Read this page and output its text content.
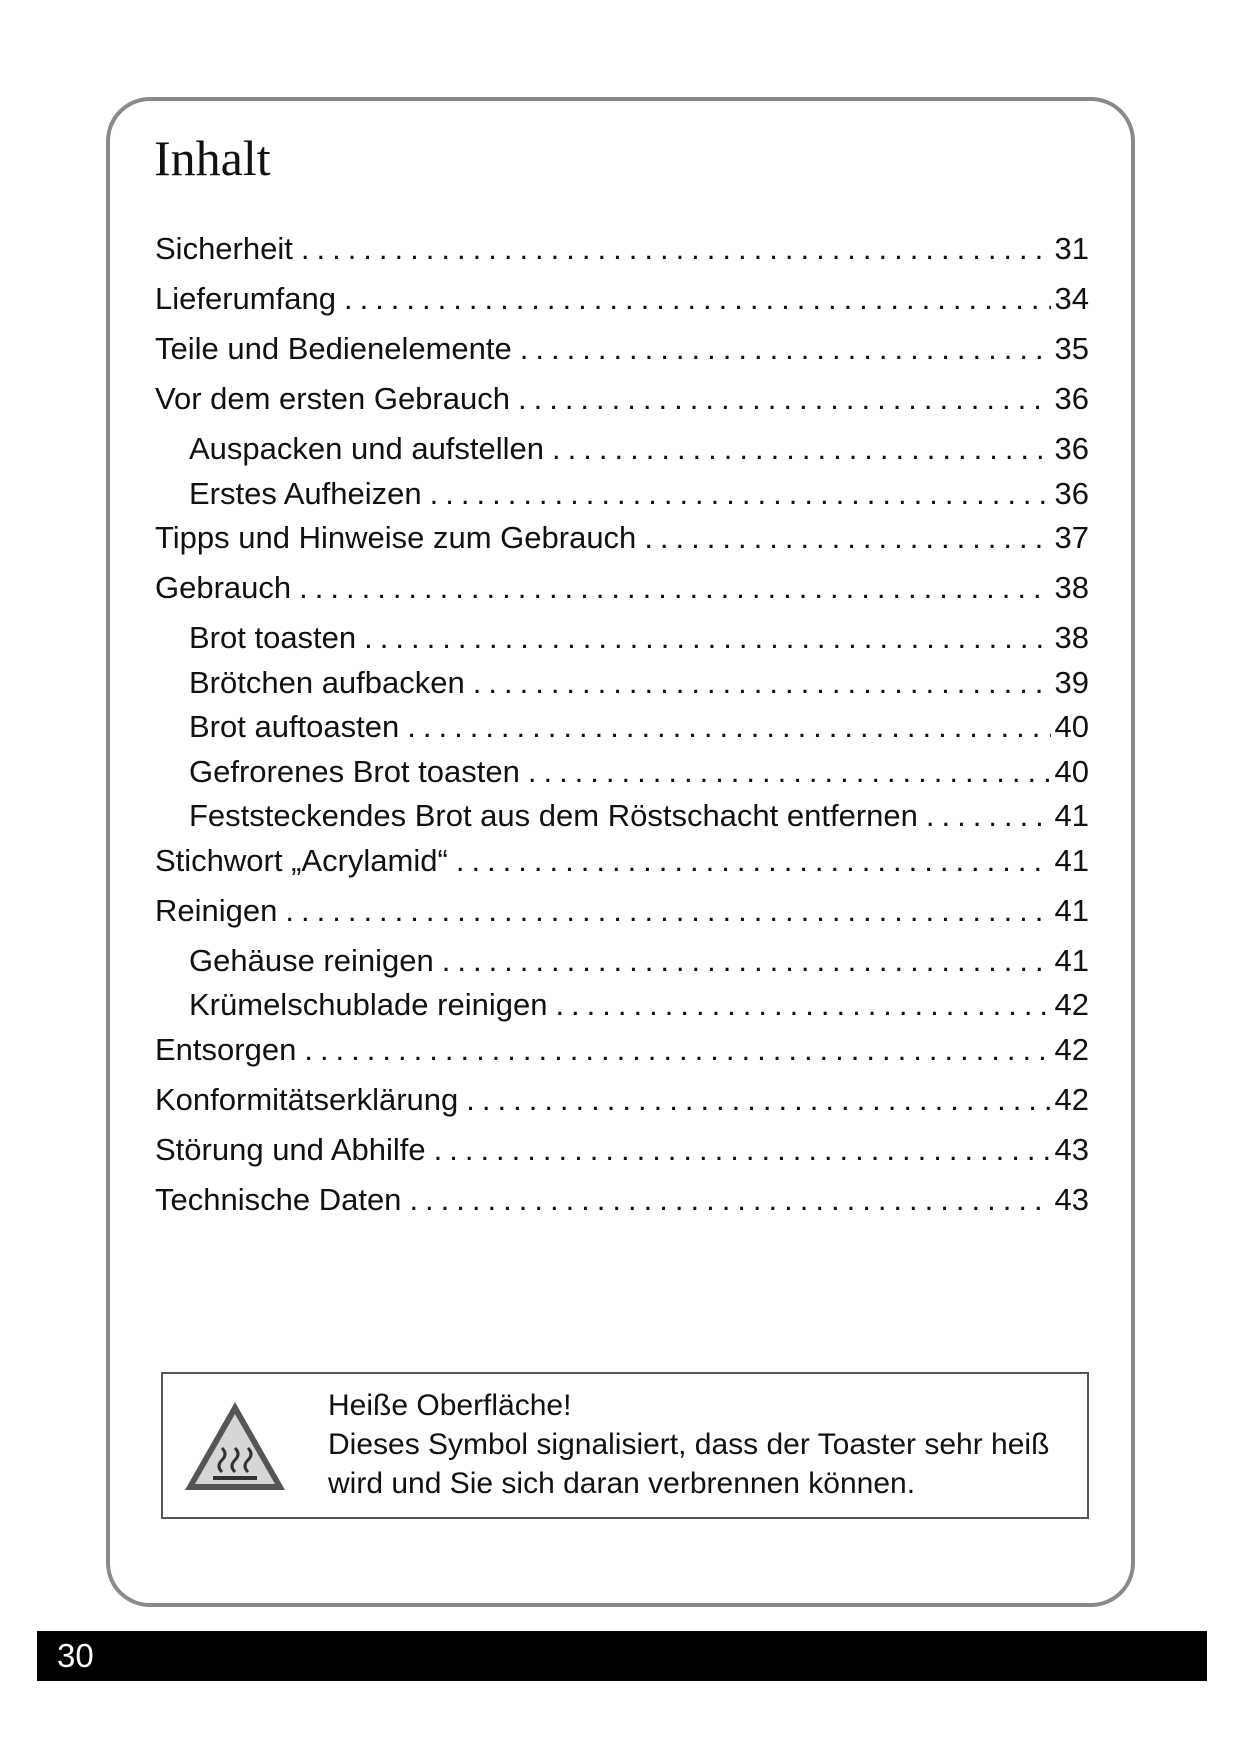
Inhalt
Sicherheit .....	31
Lieferumfang .....	34
Teile und Bedienelemente .....	35
Vor dem ersten Gebrauch .....	36
Auspacken und aufstellen .....	36
Erstes Aufheizen .....	36
Tipps und Hinweise zum Gebrauch .....	37
Gebrauch .....	38
Brot toasten .....	38
Brötchen aufbacken .....	39
Brot auftoasten .....	40
Gefrorenes Brot toasten .....	40
Feststeckendes Brot aus dem Röstschacht entfernen .....	41
Stichwort „Acrylamid“ .....	41
Reinigen .....	41
Gehäuse reinigen .....	41
Krümelschublade reinigen .....	42
Entsorgen .....	42
Konformitätserklärung .....	42
Störung und Abhilfe .....	43
Technische Daten .....	43
Heiße Oberfläche!
Dieses Symbol signalisiert, dass der Toaster sehr heiß
wird und Sie sich daran verbrennen können.
30
